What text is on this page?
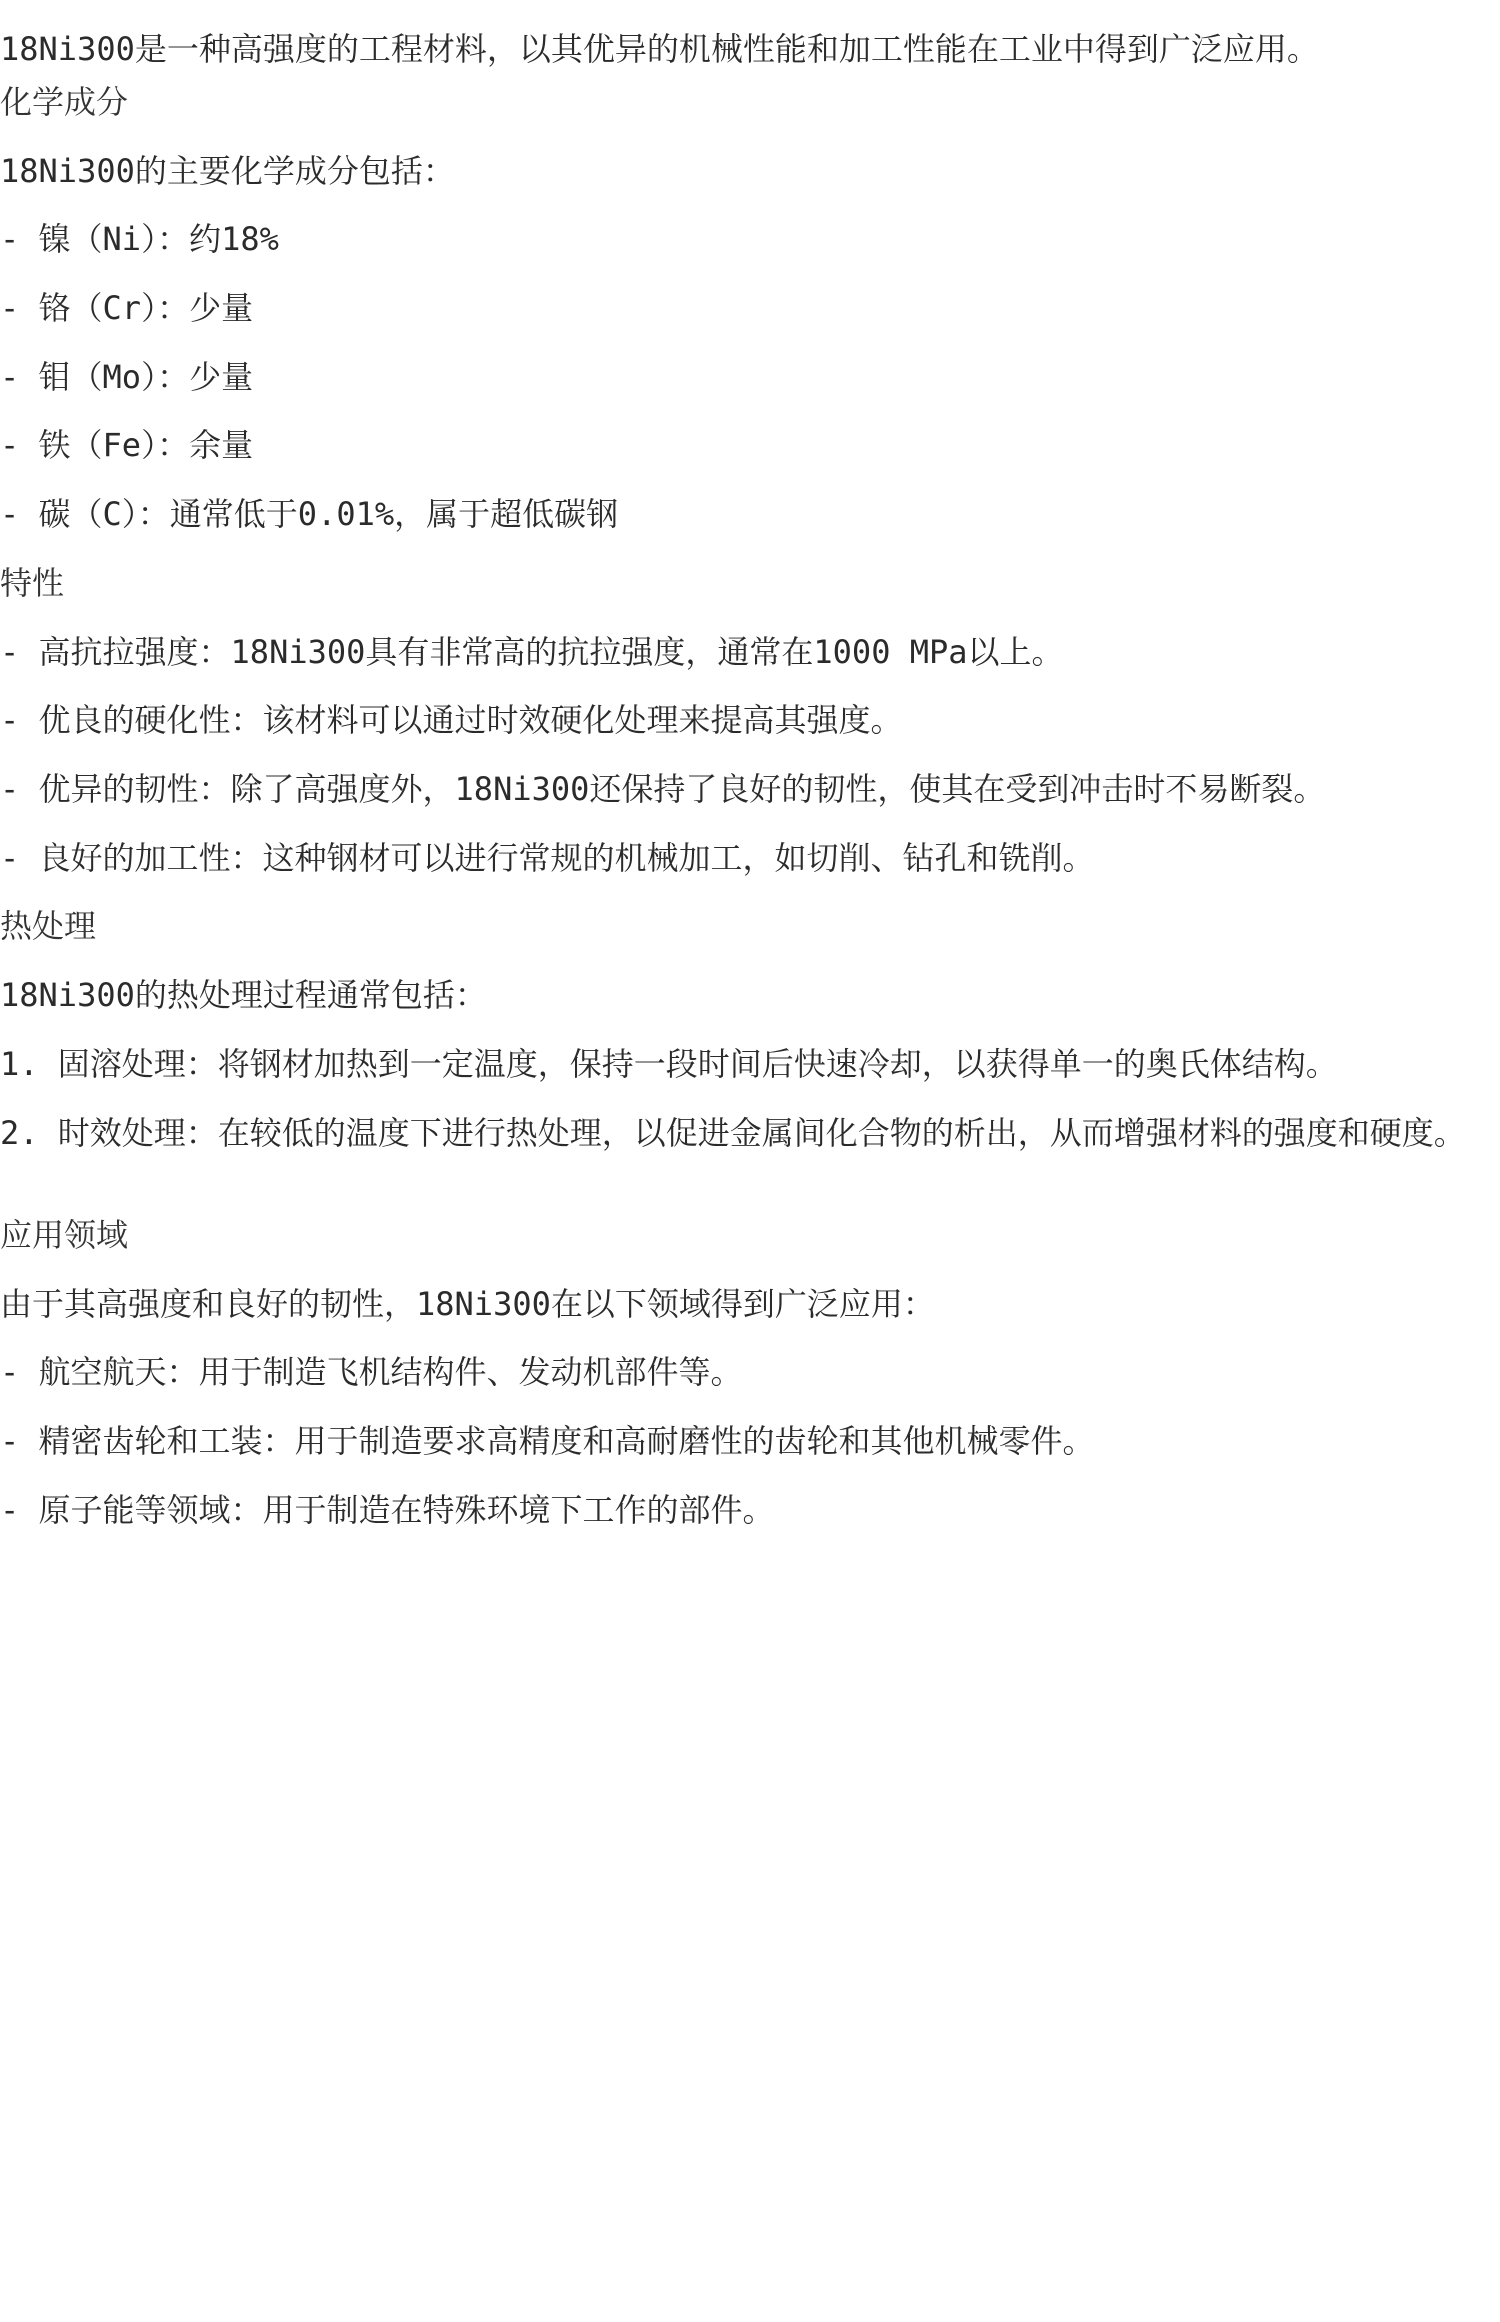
18Ni300是一种高强度的工程材料，以其优异的机械性能和加工性能在工业中得到广泛应用。

化学成分

18Ni300的主要化学成分包括：

- 镍（Ni）：约18%

- 铬（Cr）：少量

- 钼（Mo）：少量

- 铁（Fe）：余量

- 碳（C）：通常低于0.01%，属于超低碳钢

特性

- 高抗拉强度：18Ni300具有非常高的抗拉强度，通常在1000 MPa以上。

- 优良的硬化性：该材料可以通过时效硬化处理来提高其强度。

- 优异的韧性：除了高强度外，18Ni300还保持了良好的韧性，使其在受到冲击时不易断裂。

- 良好的加工性：这种钢材可以进行常规的机械加工，如切削、钻孔和铣削。

热处理

18Ni300的热处理过程通常包括：

1. 固溶处理：将钢材加热到一定温度，保持一段时间后快速冷却，以获得单一的奥氏体结构。

2. 时效处理：在较低的温度下进行热处理，以促进金属间化合物的析出，从而增强材料的强度和硬度。

应用领域

由于其高强度和良好的韧性，18Ni300在以下领域得到广泛应用：

- 航空航天：用于制造飞机结构件、发动机部件等。

- 精密齿轮和工装：用于制造要求高精度和高耐磨性的齿轮和其他机械零件。

- 原子能等领域：用于制造在特殊环境下工作的部件。
